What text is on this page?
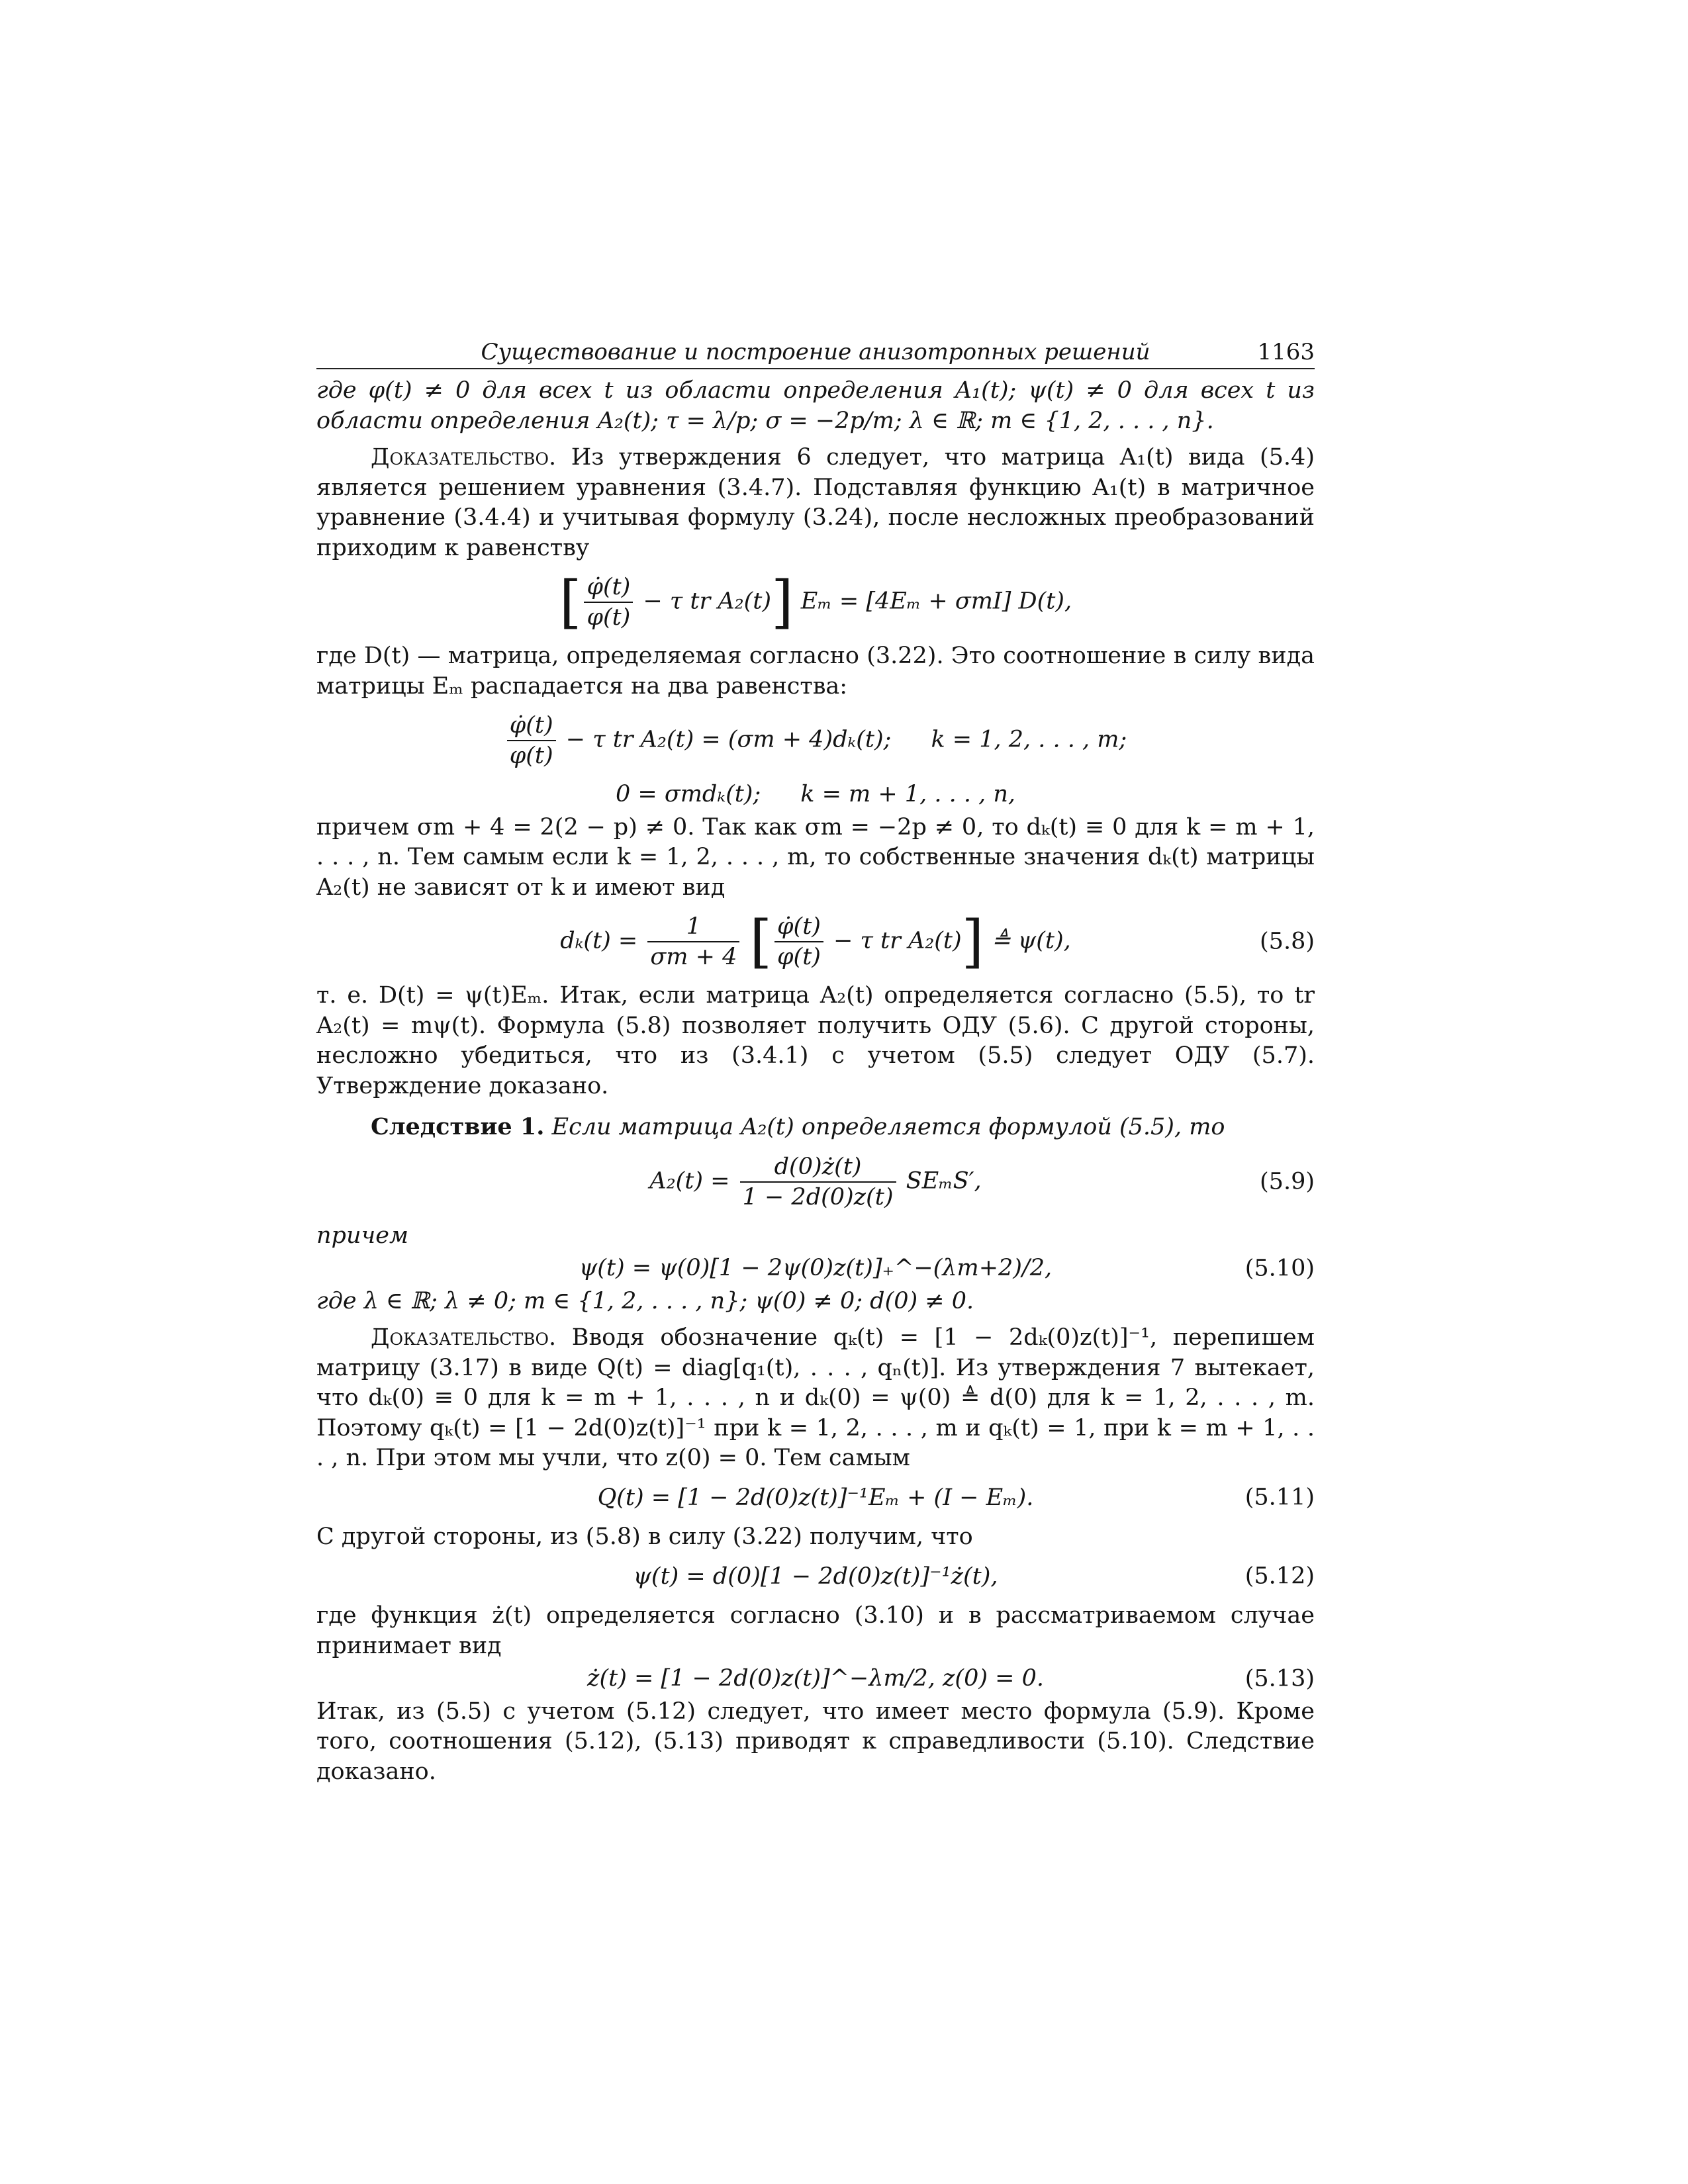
Существование и построение анизотропных решений	1163

где φ(t) ≠ 0 для всех t из области определения A₁(t); ψ(t) ≠ 0 для всех t из области определения A₂(t); τ = λ/p; σ = −2p/m; λ ∈ ℝ; m ∈ {1, 2, . . . , n}.

Доказательство. Из утверждения 6 следует, что матрица A₁(t) вида (5.4) является решением уравнения (3.4.7). Подставляя функцию A₁(t) в матричное уравнение (3.4.4) и учитывая формулу (3.24), после несложных преобразований приходим к равенству

[ $\frac{\varphi̇(t)}{\varphi(t)} - \tau$ tr A₂(t)] Eₘ = [4Eₘ + σmI] D(t),

где D(t) — матрица, определяемая согласно (3.22). Это соотношение в силу вида матрицы Eₘ распадается на два равенства:

$\frac{\varphi̇(t)}{\varphi(t)} - \tau$ tr A₂(t) = (σm + 4)dₖ(t); k = 1, 2, . . . , m;
0 = σmdₖ(t); k = m + 1, . . . , n,

причем σm + 4 = 2(2 − p) ≠ 0. Так как σm = −2p ≠ 0, то dₖ(t) ≡ 0 для k = m + 1, . . . , n. Тем самым если k = 1, 2, . . . , m, то собственные значения dₖ(t) матрицы A₂(t) не зависят от k и имеют вид

$d_k(t) = \frac{1}{\sigma m + 4}$ [ $\frac{\varphi̇(t)}{\varphi(t)} - \tau$ tr A₂(t)] ≜ ψ(t),	(5.8)

т. е. D(t) = ψ(t)Eₘ. Итак, если матрица A₂(t) определяется согласно (5.5), то tr A₂(t) = mψ(t). Формула (5.8) позволяет получить ОДУ (5.6). С другой стороны, несложно убедиться, что из (3.4.1) с учетом (5.5) следует ОДУ (5.7). Утверждение доказано.

Следствие 1. Если матрица A₂(t) определяется формулой (5.5), то

$A_2(t) = \frac{d(0)ż(t)}{1 - 2d(0)z(t)} SE_mS'$,	(5.9)

причем

ψ(t) = ψ(0)[1 − 2ψ(0)z(t)]₊^−(λm+2)/2,	(5.10)

где λ ∈ ℝ; λ ≠ 0; m ∈ {1, 2, . . . , n}; ψ(0) ≠ 0; d(0) ≠ 0.

Доказательство. Вводя обозначение qₖ(t) = [1 − 2dₖ(0)z(t)]⁻¹, перепишем матрицу (3.17) в виде Q(t) = diag[q₁(t), . . . , qₙ(t)]. Из утверждения 7 вытекает, что dₖ(0) ≡ 0 для k = m + 1, . . . , n и dₖ(0) = ψ(0) ≜ d(0) для k = 1, 2, . . . , m. Поэтому qₖ(t) = [1 − 2d(0)z(t)]⁻¹ при k = 1, 2, . . . , m и qₖ(t) = 1, при k = m + 1, . . . , n. При этом мы учли, что z(0) = 0. Тем самым

Q(t) = [1 − 2d(0)z(t)]⁻¹Eₘ + (I − Eₘ).	(5.11)

С другой стороны, из (5.8) в силу (3.22) получим, что

ψ(t) = d(0)[1 − 2d(0)z(t)]⁻¹ż(t),	(5.12)

где функция ż(t) определяется согласно (3.10) и в рассматриваемом случае принимает вид

ż(t) = [1 − 2d(0)z(t)]^−λm/2, z(0) = 0.	(5.13)

Итак, из (5.5) с учетом (5.12) следует, что имеет место формула (5.9). Кроме того, соотношения (5.12), (5.13) приводят к справедливости (5.10). Следствие доказано.
